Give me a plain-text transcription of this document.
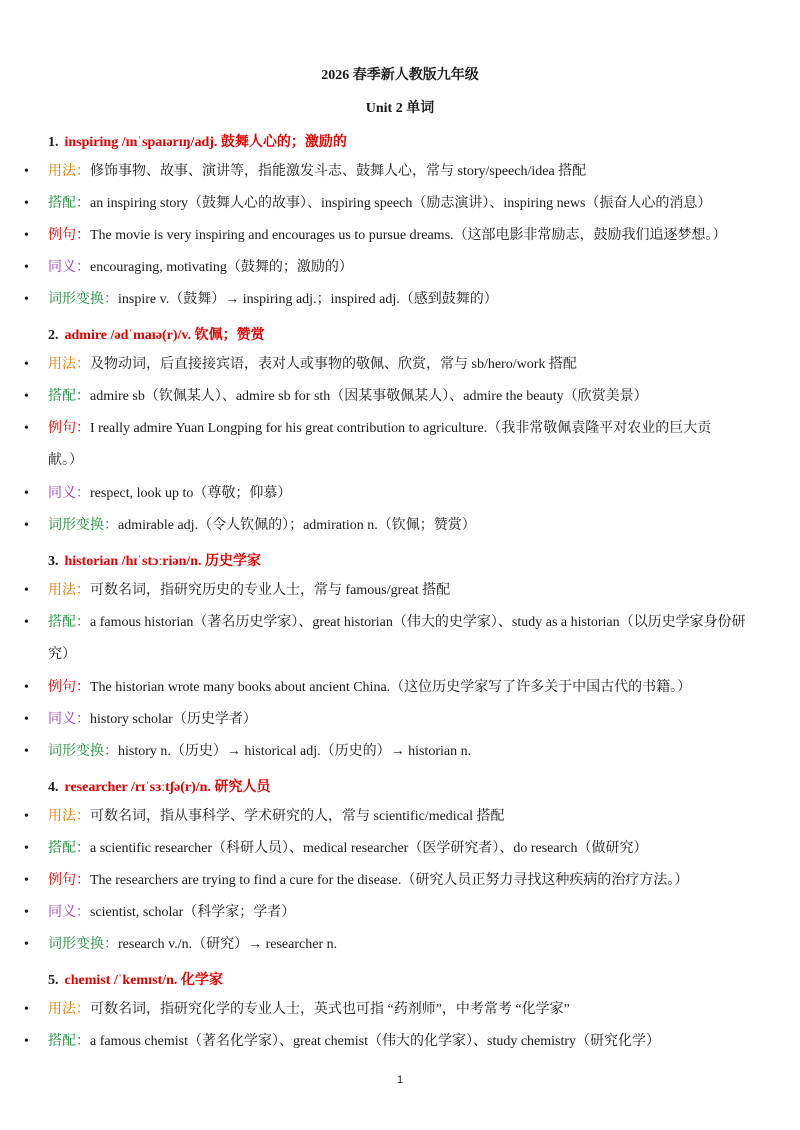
2026 春季新人教版九年级
Unit 2 单词
1. inspiring /ɪnˈspaɪərɪŋ/adj. 鼓舞人心的；激励的
• 用法：修饰事物、故事、演讲等，指能激发斗志、鼓舞人心，常与 story/speech/idea 搭配
• 搭配：an inspiring story（鼓舞人心的故事）、inspiring speech（励志演讲）、inspiring news（振奋人心的消息）
• 例句：The movie is very inspiring and encourages us to pursue dreams.（这部电影非常励志，鼓励我们追逐梦想。）
• 同义：encouraging, motivating（鼓舞的；激励的）
• 词形变换：inspire v.（鼓舞）→ inspiring adj.；inspired adj.（感到鼓舞的）
2. admire /ədˈmaɪə(r)/v. 钦佩；赞赏
• 用法：及物动词，后直接接宾语，表对人或事物的敬佩、欣赏，常与 sb/hero/work 搭配
• 搭配：admire sb（钦佩某人）、admire sb for sth（因某事敬佩某人）、admire the beauty（欣赏美景）
• 例句：I really admire Yuan Longping for his great contribution to agriculture.（我非常敬佩袁隆平对农业的巨大贡献。）
• 同义：respect, look up to（尊敬；仰慕）
• 词形变换：admirable adj.（令人钦佩的）；admiration n.（钦佩；赞赏）
3. historian /hɪˈstɔːriən/n. 历史学家
• 用法：可数名词，指研究历史的专业人士，常与 famous/great 搭配
• 搭配：a famous historian（著名历史学家）、great historian（伟大的史学家）、study as a historian（以历史学家身份研究）
• 例句：The historian wrote many books about ancient China.（这位历史学家写了许多关于中国古代的书籍。）
• 同义：history scholar（历史学者）
• 词形变换：history n.（历史）→ historical adj.（历史的）→ historian n.
4. researcher /rɪˈsɜːtʃə(r)/n. 研究人员
• 用法：可数名词，指从事科学、学术研究的人，常与 scientific/medical 搭配
• 搭配：a scientific researcher（科研人员）、medical researcher（医学研究者）、do research（做研究）
• 例句：The researchers are trying to find a cure for the disease.（研究人员正努力寻找这种疾病的治疗方法。）
• 同义：scientist, scholar（科学家；学者）
• 词形变换：research v./n.（研究）→ researcher n.
5. chemist /ˈkemɪst/n. 化学家
• 用法：可数名词，指研究化学的专业人士，英式也可指 “药剂师”，中考常考 “化学家”
• 搭配：a famous chemist（著名化学家）、great chemist（伟大的化学家）、study chemistry（研究化学）
1
